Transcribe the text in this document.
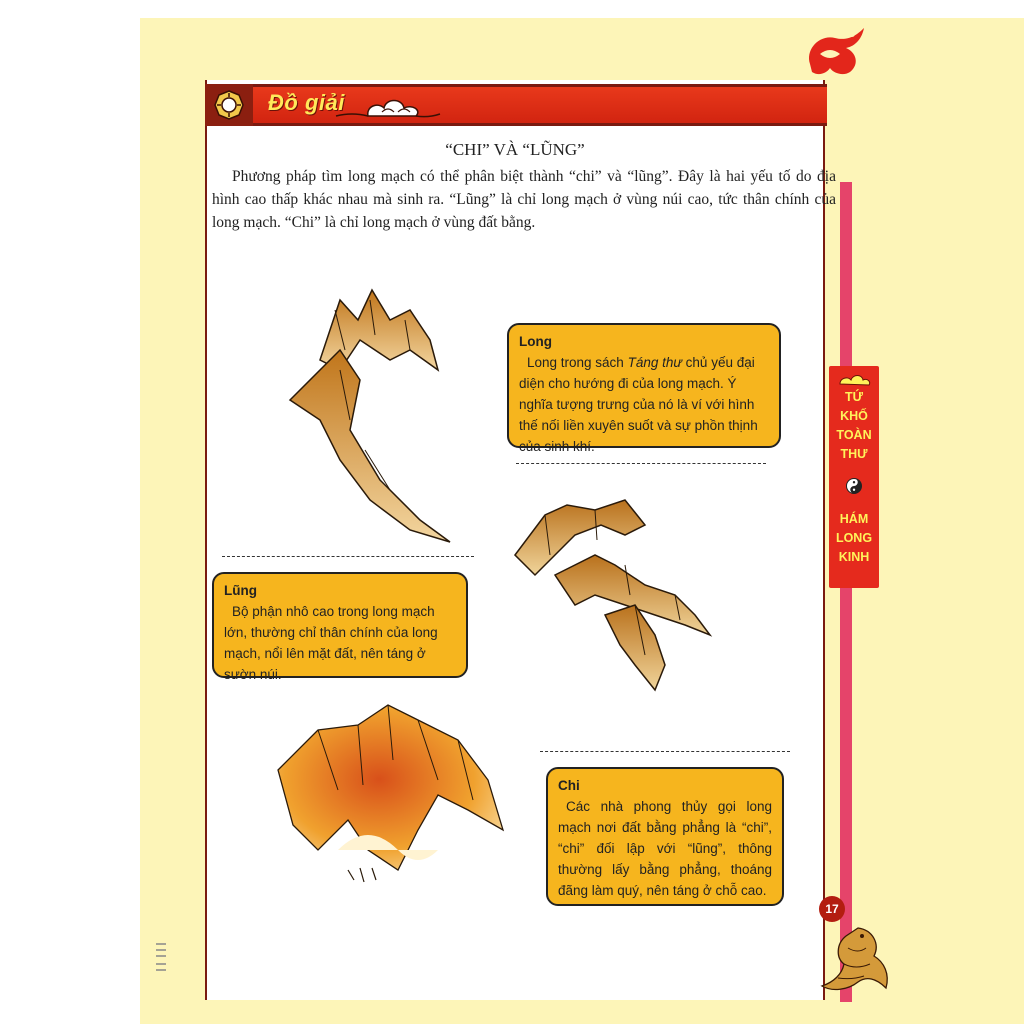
Đồ giải
“CHI” VÀ “LŨNG”
Phương pháp tìm long mạch có thể phân biệt thành “chi” và “lũng”. Đây là hai yếu tố do địa hình cao thấp khác nhau mà sinh ra. “Lũng” là chỉ long mạch ở vùng núi cao, tức thân chính của long mạch. “Chi” là chỉ long mạch ở vùng đất bằng.
Long
Long trong sách Táng thư chủ yếu đại diện cho hướng đi của long mạch. Ý nghĩa tượng trưng của nó là ví với hình thế nối liền xuyên suốt và sự phồn thịnh của sinh khí.
Lũng
Bộ phận nhô cao trong long mạch lớn, thường chỉ thân chính của long mạch, nổi lên mặt đất, nên táng ở sườn núi.
Chi
Các nhà phong thủy gọi long mạch nơi đất bằng phẳng là “chi”, “chi” đối lập với “lũng”, thông thường lấy bằng phẳng, thoáng đãng làm quý, nên táng ở chỗ cao.
TỨ
KHỐ
TOÀN
THƯ
HÁM
LONG
KINH
17
